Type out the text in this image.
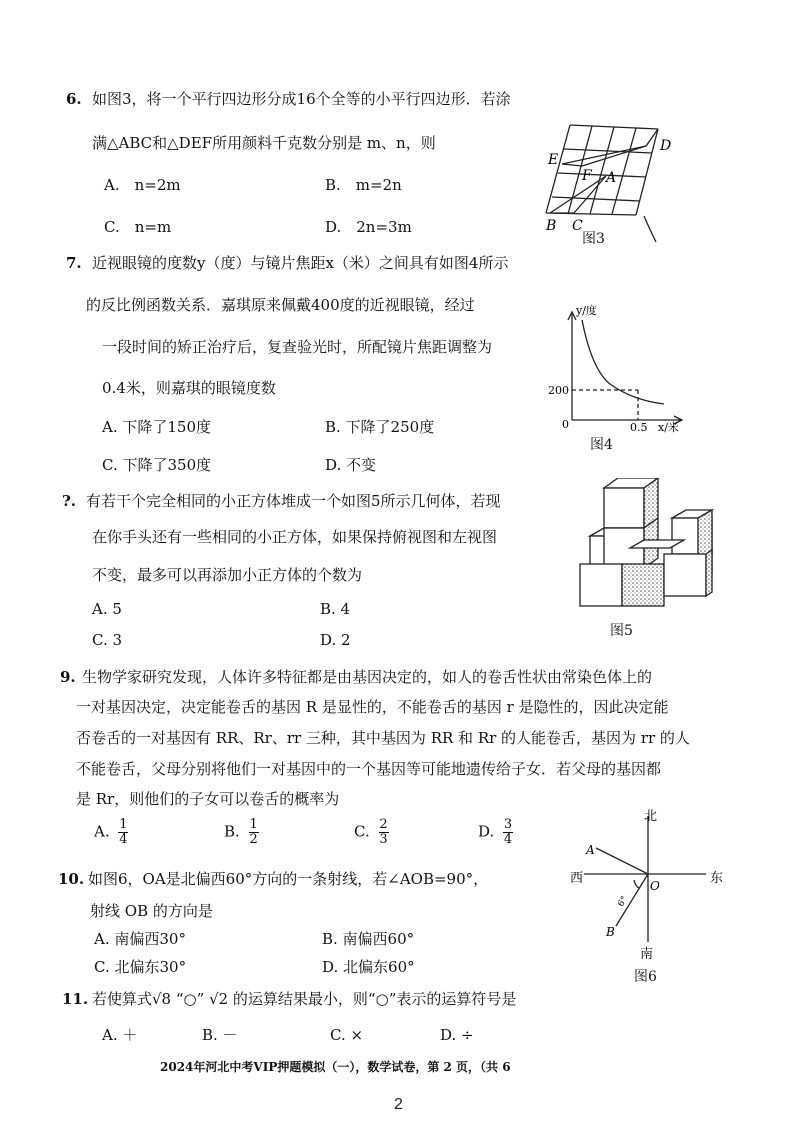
6. 如图3，将一个平行四边形分成16个全等的小平行四边形．若涂
满△ABC和△DEF所用颜料千克数分别是 m、n，则
A.　n=2m	B.　m=2n
C.　n=m	D.　2n=3m
D
E
F A
B C
图3
7. 近视眼镜的度数y（度）与镜片焦距x（米）之间具有如图4所示
的反比例函数关系．嘉琪原来佩戴400度的近视眼镜，经过
一段时间的矫正治疗后，复查验光时，所配镜片焦距调整为
0.4米，则嘉琪的眼镜度数
A. 下降了150度	B. 下降了250度
C. 下降了350度	D. 不变
y/度
200
0	0.5 x/米
图4
?. 有若干个完全相同的小正方体堆成一个如图5所示几何体，若现
在你手头还有一些相同的小正方体，如果保持俯视图和左视图
不变，最多可以再添加小正方体的个数为
A. 5	B. 4
C. 3	D. 2	图5
9. 生物学家研究发现，人体许多特征都是由基因决定的，如人的卷舌性状由常染色体上的
一对基因决定，决定能卷舌的基因 R 是显性的，不能卷舌的基因 r 是隐性的，因此决定能
否卷舌的一对基因有 RR、Rr、rr 三种，其中基因为 RR 和 Rr 的人能卷舌，基因为 rr 的人
不能卷舌，父母分别将他们一对基因中的一个基因等可能地遗传给子女．若父母的基因都
是 Rr，则他们的子女可以卷舌的概率为
A. $\frac{1}{4}$	B. $\frac{1}{2}$	C. $\frac{2}{3}$	D. $\frac{3}{4}$
10. 如图6，OA是北偏西60°方向的一条射线，若∠AOB=90°，
射线 OB 的方向是
A. 南偏西30°	B. 南偏西60°
C. 北偏东30°	D. 北偏东60°
北
A
西	东
O
6°
B
南
图6
11. 若使算式√8 “○” √2 的运算结果最小，则“○”表示的运算符号是
A. ＋	B. －	C. ×	D. ÷
2024年河北中考VIP押题模拟（一），数学试卷，第 2 页，（共 6
2
